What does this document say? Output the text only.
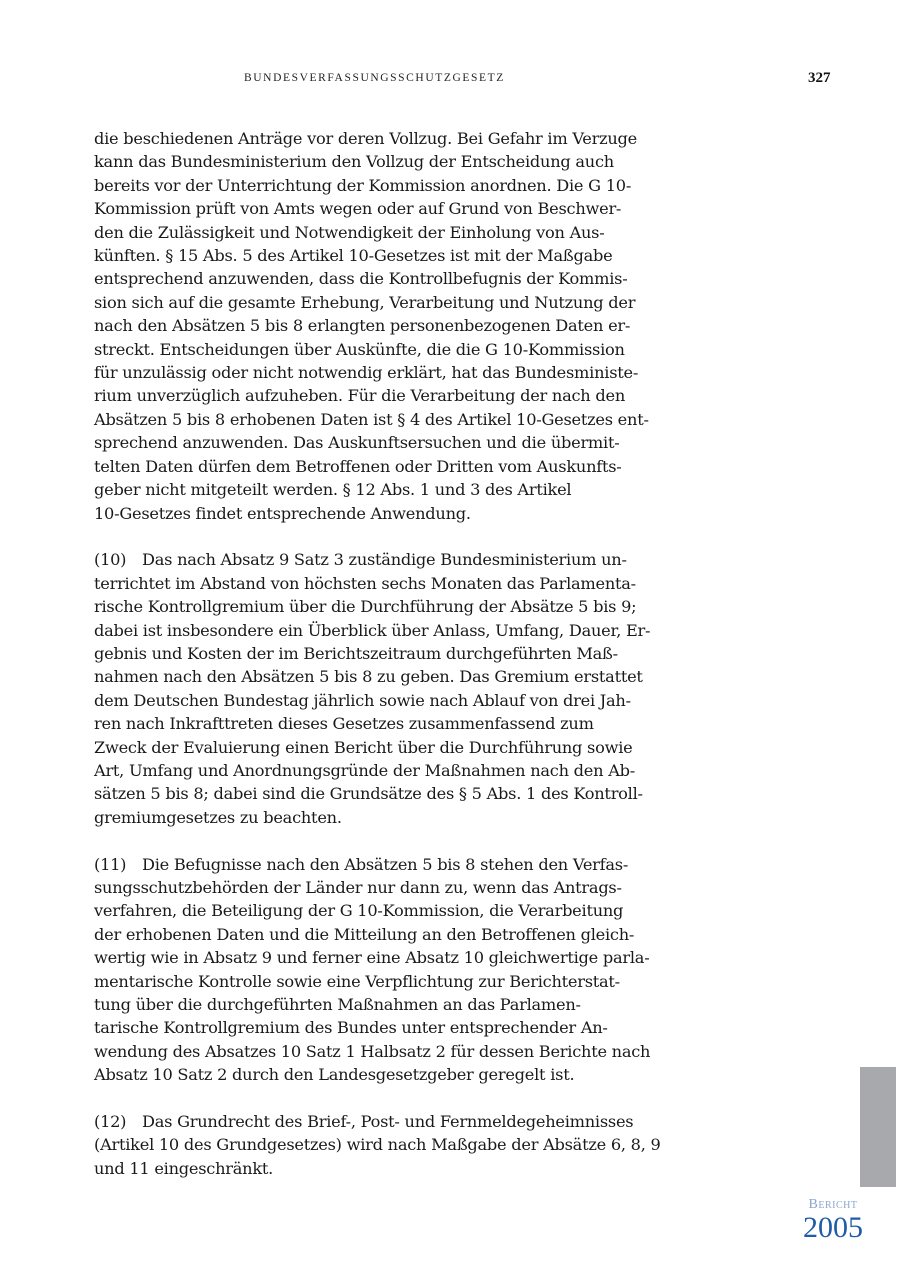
BUNDESVERFASSUNGSSCHUTZGESETZ	327
die beschiedenen Anträge vor deren Vollzug. Bei Gefahr im Verzuge
kann das Bundesministerium den Vollzug der Entscheidung auch
bereits vor der Unterrichtung der Kommission anordnen. Die G 10-
Kommission prüft von Amts wegen oder auf Grund von Beschwer-
den die Zulässigkeit und Notwendigkeit der Einholung von Aus-
künften. § 15 Abs. 5 des Artikel 10-Gesetzes ist mit der Maßgabe
entsprechend anzuwenden, dass die Kontrollbefugnis der Kommis-
sion sich auf die gesamte Erhebung, Verarbeitung und Nutzung der
nach den Absätzen 5 bis 8 erlangten personenbezogenen Daten er-
streckt. Entscheidungen über Auskünfte, die die G 10-Kommission
für unzulässig oder nicht notwendig erklärt, hat das Bundesministe-
rium unverzüglich aufzuheben. Für die Verarbeitung der nach den
Absätzen 5 bis 8 erhobenen Daten ist § 4 des Artikel 10-Gesetzes ent-
sprechend anzuwenden. Das Auskunftsersuchen und die übermit-
telten Daten dürfen dem Betroffenen oder Dritten vom Auskunfts-
geber nicht mitgeteilt werden. § 12 Abs. 1 und 3 des Artikel
10-Gesetzes findet entsprechende Anwendung.
(10) Das nach Absatz 9 Satz 3 zuständige Bundesministerium un-
terrichtet im Abstand von höchsten sechs Monaten das Parlamenta-
rische Kontrollgremium über die Durchführung der Absätze 5 bis 9;
dabei ist insbesondere ein Überblick über Anlass, Umfang, Dauer, Er-
gebnis und Kosten der im Berichtszeitraum durchgeführten Maß-
nahmen nach den Absätzen 5 bis 8 zu geben. Das Gremium erstattet
dem Deutschen Bundestag jährlich sowie nach Ablauf von drei Jah-
ren nach Inkrafttreten dieses Gesetzes zusammenfassend zum
Zweck der Evaluierung einen Bericht über die Durchführung sowie
Art, Umfang und Anordnungsgründe der Maßnahmen nach den Ab-
sätzen 5 bis 8; dabei sind die Grundsätze des § 5 Abs. 1 des Kontroll-
gremiumgesetzes zu beachten.
(11) Die Befugnisse nach den Absätzen 5 bis 8 stehen den Verfas-
sungsschutzbehörden der Länder nur dann zu, wenn das Antrags-
verfahren, die Beteiligung der G 10-Kommission, die Verarbeitung
der erhobenen Daten und die Mitteilung an den Betroffenen gleich-
wertig wie in Absatz 9 und ferner eine Absatz 10 gleichwertige parla-
mentarische Kontrolle sowie eine Verpflichtung zur Berichterstat-
tung über die durchgeführten Maßnahmen an das Parlamen-
tarische Kontrollgremium des Bundes unter entsprechender An-
wendung des Absatzes 10 Satz 1 Halbsatz 2 für dessen Berichte nach
Absatz 10 Satz 2 durch den Landesgesetzgeber geregelt ist.
(12) Das Grundrecht des Brief-, Post- und Fernmeldegeheimnisses
(Artikel 10 des Grundgesetzes) wird nach Maßgabe der Absätze 6, 8, 9
und 11 eingeschränkt.
Bericht
2005
